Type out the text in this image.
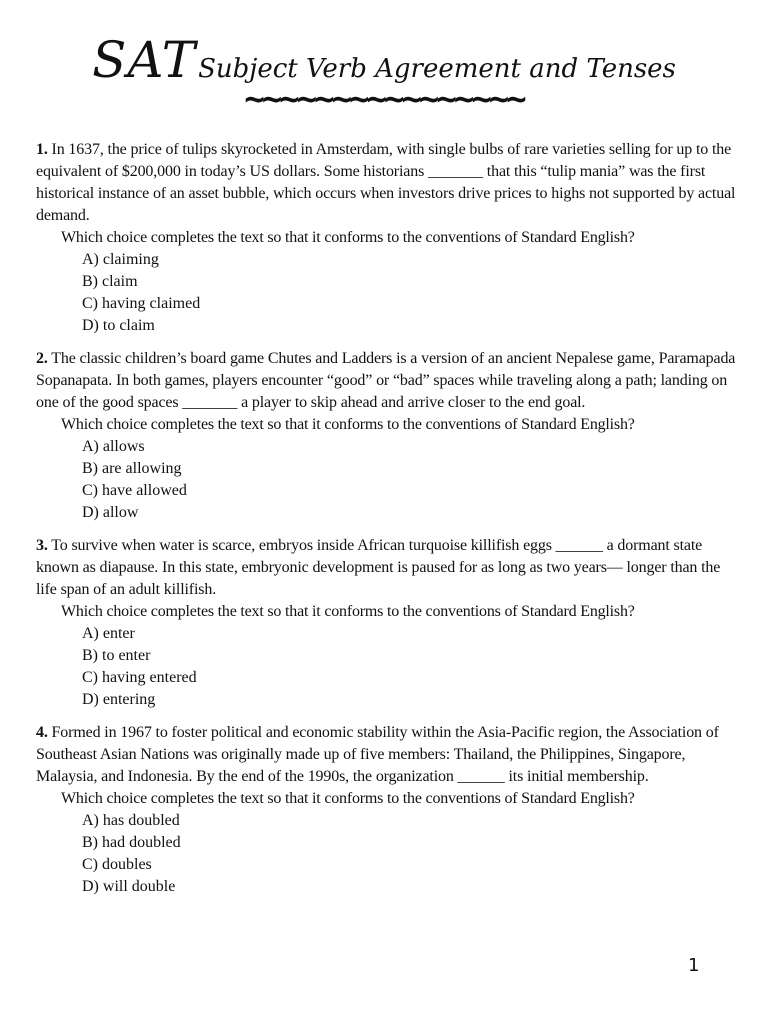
SATSubject Verb Agreement and Tenses
~~~~~~~~~~~~~~~~

1. In 1637, the price of tulips skyrocketed in Amsterdam, with single bulbs of rare varieties selling for up to the equivalent of $200,000 in today’s US dollars. Some historians _______ that this “tulip mania” was the first historical instance of an asset bubble, which occurs when investors drive prices to highs not supported by actual demand.

Which choice completes the text so that it conforms to the conventions of Standard English?

A) claiming
B) claim
C) having claimed
D) to claim

2. The classic children’s board game Chutes and Ladders is a version of an ancient Nepalese game, Paramapada Sopanapata. In both games, players encounter “good” or “bad” spaces while traveling along a path; landing on one of the good spaces _______ a player to skip ahead and arrive closer to the end goal.

Which choice completes the text so that it conforms to the conventions of Standard English?

A) allows
B) are allowing
C) have allowed
D) allow

3. To survive when water is scarce, embryos inside African turquoise killifish eggs ______ a dormant state known as diapause. In this state, embryonic development is paused for as long as two years— longer than the life span of an adult killifish.

Which choice completes the text so that it conforms to the conventions of Standard English?

A) enter
B) to enter
C) having entered
D) entering

4. Formed in 1967 to foster political and economic stability within the Asia-Pacific region, the Association of Southeast Asian Nations was originally made up of five members: Thailand, the Philippines, Singapore, Malaysia, and Indonesia. By the end of the 1990s, the organization ______ its initial membership.

Which choice completes the text so that it conforms to the conventions of Standard English?

A) has doubled
B) had doubled
C) doubles
D) will double
1
